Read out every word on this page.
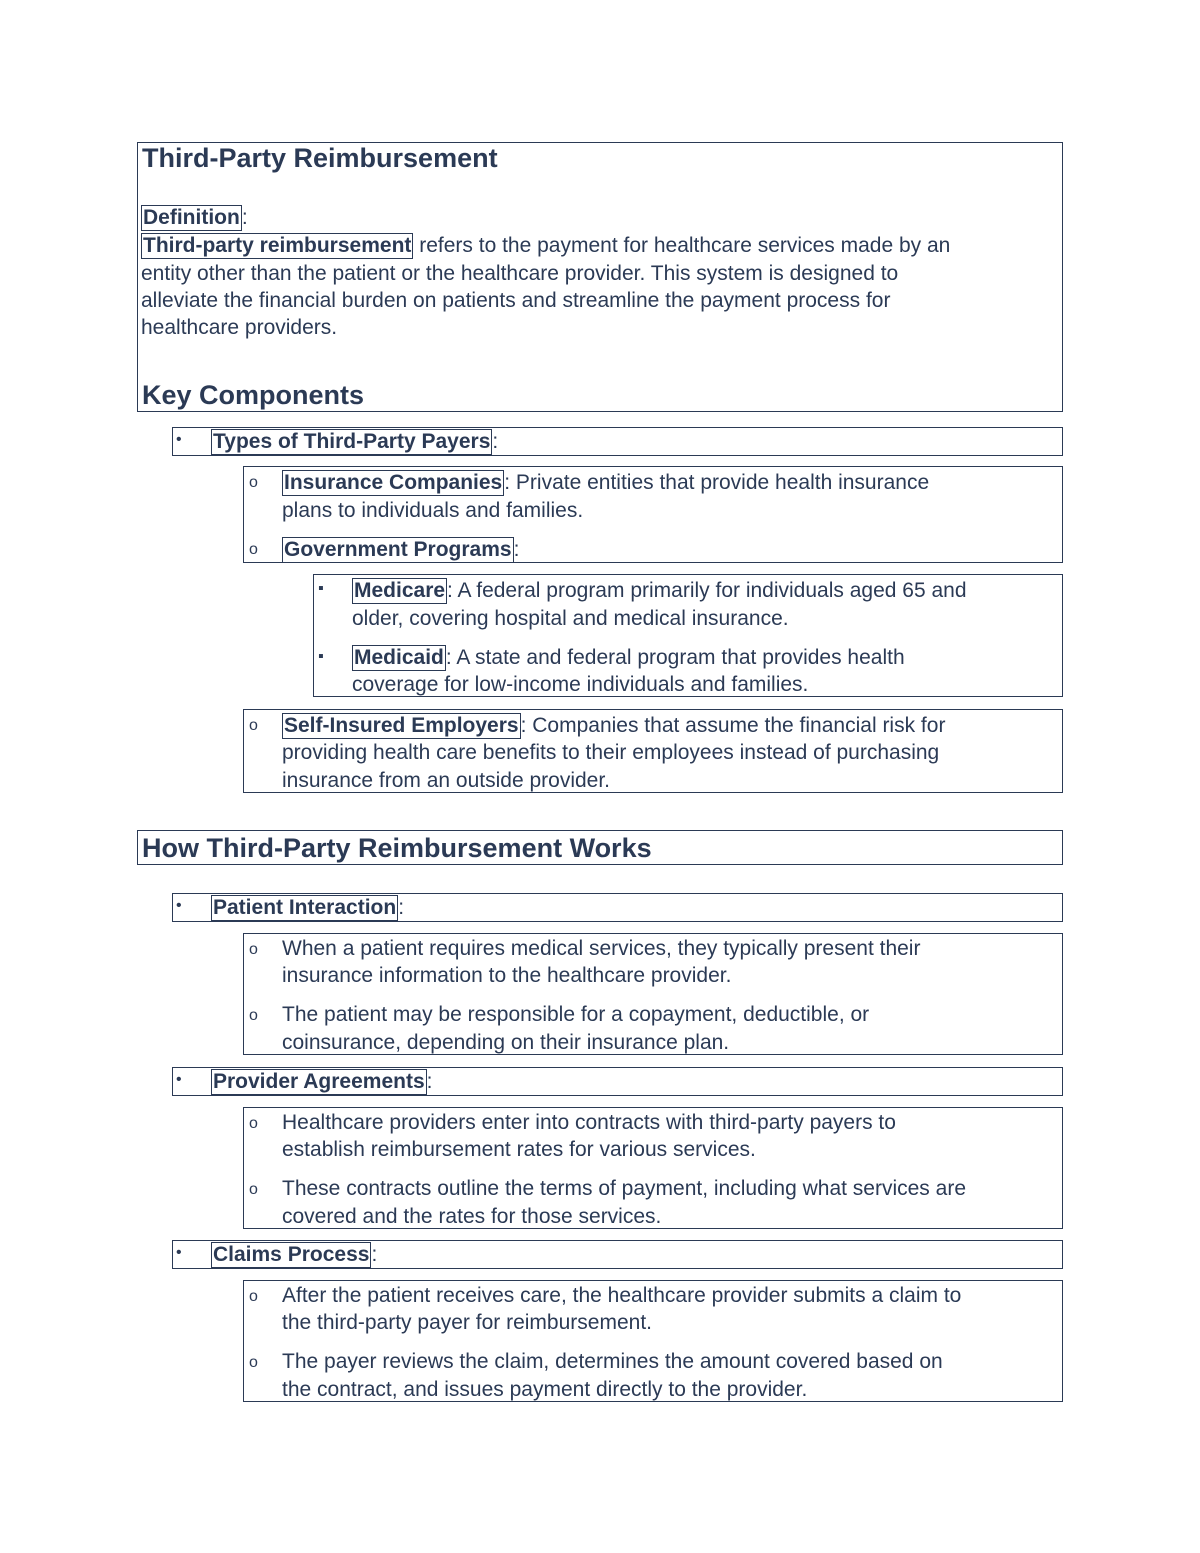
Third-Party Reimbursement
Definition:
Third-party reimbursement refers to the payment for healthcare services made by an
entity other than the patient or the healthcare provider. This system is designed to
alleviate the financial burden on patients and streamline the payment process for
healthcare providers.
Key Components
• Types of Third-Party Payers:
o Insurance Companies: Private entities that provide health insurance
plans to individuals and families.
o Government Programs:
▪ Medicare: A federal program primarily for individuals aged 65 and
older, covering hospital and medical insurance.
▪ Medicaid: A state and federal program that provides health
coverage for low-income individuals and families.
o Self-Insured Employers: Companies that assume the financial risk for
providing health care benefits to their employees instead of purchasing
insurance from an outside provider.
How Third-Party Reimbursement Works
• Patient Interaction:
o When a patient requires medical services, they typically present their
insurance information to the healthcare provider.
o The patient may be responsible for a copayment, deductible, or
coinsurance, depending on their insurance plan.
• Provider Agreements:
o Healthcare providers enter into contracts with third-party payers to
establish reimbursement rates for various services.
o These contracts outline the terms of payment, including what services are
covered and the rates for those services.
• Claims Process:
o After the patient receives care, the healthcare provider submits a claim to
the third-party payer for reimbursement.
o The payer reviews the claim, determines the amount covered based on
the contract, and issues payment directly to the provider.
